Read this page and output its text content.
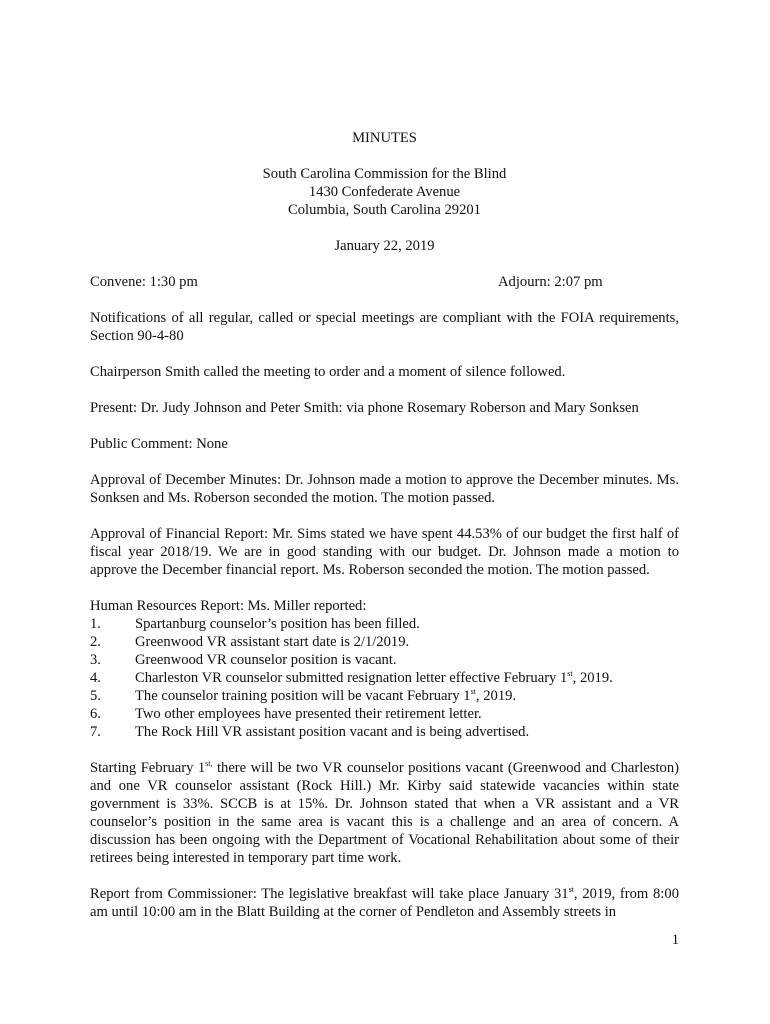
MINUTES
South Carolina Commission for the Blind
1430 Confederate Avenue
Columbia, South Carolina 29201
January 22, 2019
Convene: 1:30 pm	Adjourn: 2:07 pm

Notifications of all regular, called or special meetings are compliant with the FOIA requirements, Section 90-4-80

Chairperson Smith called the meeting to order and a moment of silence followed.

Present: Dr. Judy Johnson and Peter Smith: via phone Rosemary Roberson and Mary Sonksen

Public Comment: None

Approval of December Minutes: Dr. Johnson made a motion to approve the December minutes. Ms. Sonksen and Ms. Roberson seconded the motion. The motion passed.

Approval of Financial Report: Mr. Sims stated we have spent 44.53% of our budget the first half of fiscal year 2018/19. We are in good standing with our budget. Dr. Johnson made a motion to approve the December financial report. Ms. Roberson seconded the motion. The motion passed.

Human Resources Report: Ms. Miller reported:

1.	Spartanburg counselor’s position has been filled.
2.	Greenwood VR assistant start date is 2/1/2019.
3.	Greenwood VR counselor position is vacant.
4.	Charleston VR counselor submitted resignation letter effective February 1st, 2019.
5.	The counselor training position will be vacant February 1st, 2019.
6.	Two other employees have presented their retirement letter.
7.	The Rock Hill VR assistant position vacant and is being advertised.

Starting February $1^{st,}$ there will be two VR counselor positions vacant (Greenwood and Charleston) and one VR counselor assistant (Rock Hill.) Mr. Kirby said statewide vacancies within state government is 33%. SCCB is at 15%. Dr. Johnson stated that when a VR assistant and a VR counselor’s position in the same area is vacant this is a challenge and an area of concern. A discussion has been ongoing with the Department of Vocational Rehabilitation about some of their retirees being interested in temporary part time work.

Report from Commissioner: The legislative breakfast will take place January 31st, 2019, from 8:00 am until 10:00 am in the Blatt Building at the corner of Pendleton and Assembly streets in

1
